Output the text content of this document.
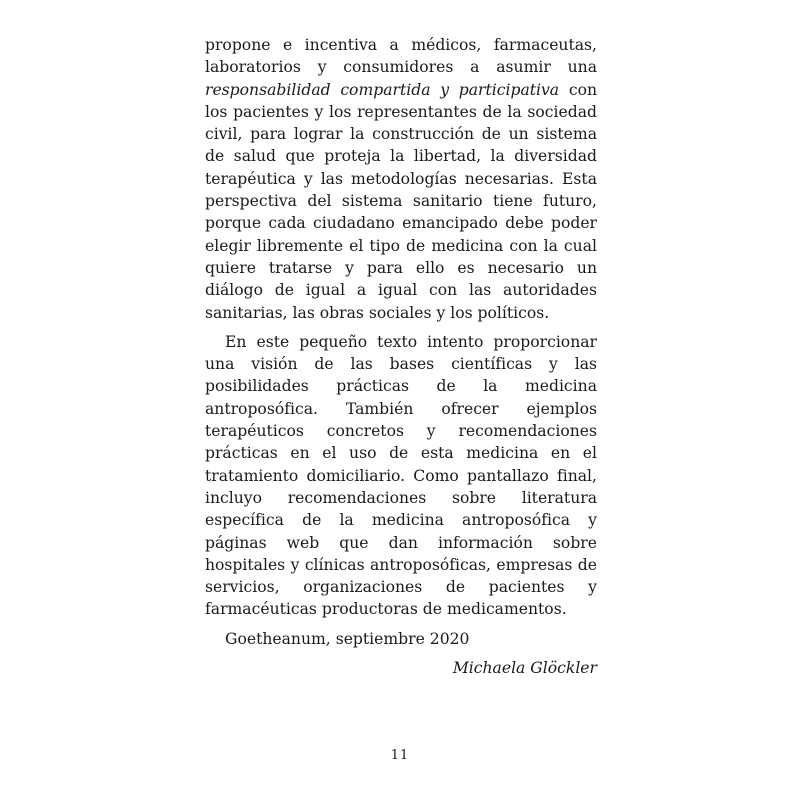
propone e incentiva a médicos, farmaceutas, laboratorios y consumidores a asumir una responsabilidad compartida y participativa con los pacientes y los representantes de la sociedad civil, para lograr la construcción de un sistema de salud que proteja la libertad, la diversidad terapéutica y las metodologías necesarias. Esta perspectiva del sistema sanitario tiene futuro, porque cada ciudadano emancipado debe poder elegir libremente el tipo de medicina con la cual quiere tratarse y para ello es necesario un diálogo de igual a igual con las autoridades sanitarias, las obras sociales y los políticos.

En este pequeño texto intento proporcionar una visión de las bases científicas y las posibilidades prácticas de la medicina antroposófica. También ofrecer ejemplos terapéuticos concretos y recomendaciones prácticas en el uso de esta medicina en el tratamiento domiciliario. Como pantallazo final, incluyo recomendaciones sobre literatura específica de la medicina antroposófica y páginas web que dan información sobre hospitales y clínicas antroposóficas, empresas de servicios, organizaciones de pacientes y farmacéuticas productoras de medicamentos.

Goetheanum, septiembre 2020

Michaela Glöckler

11
